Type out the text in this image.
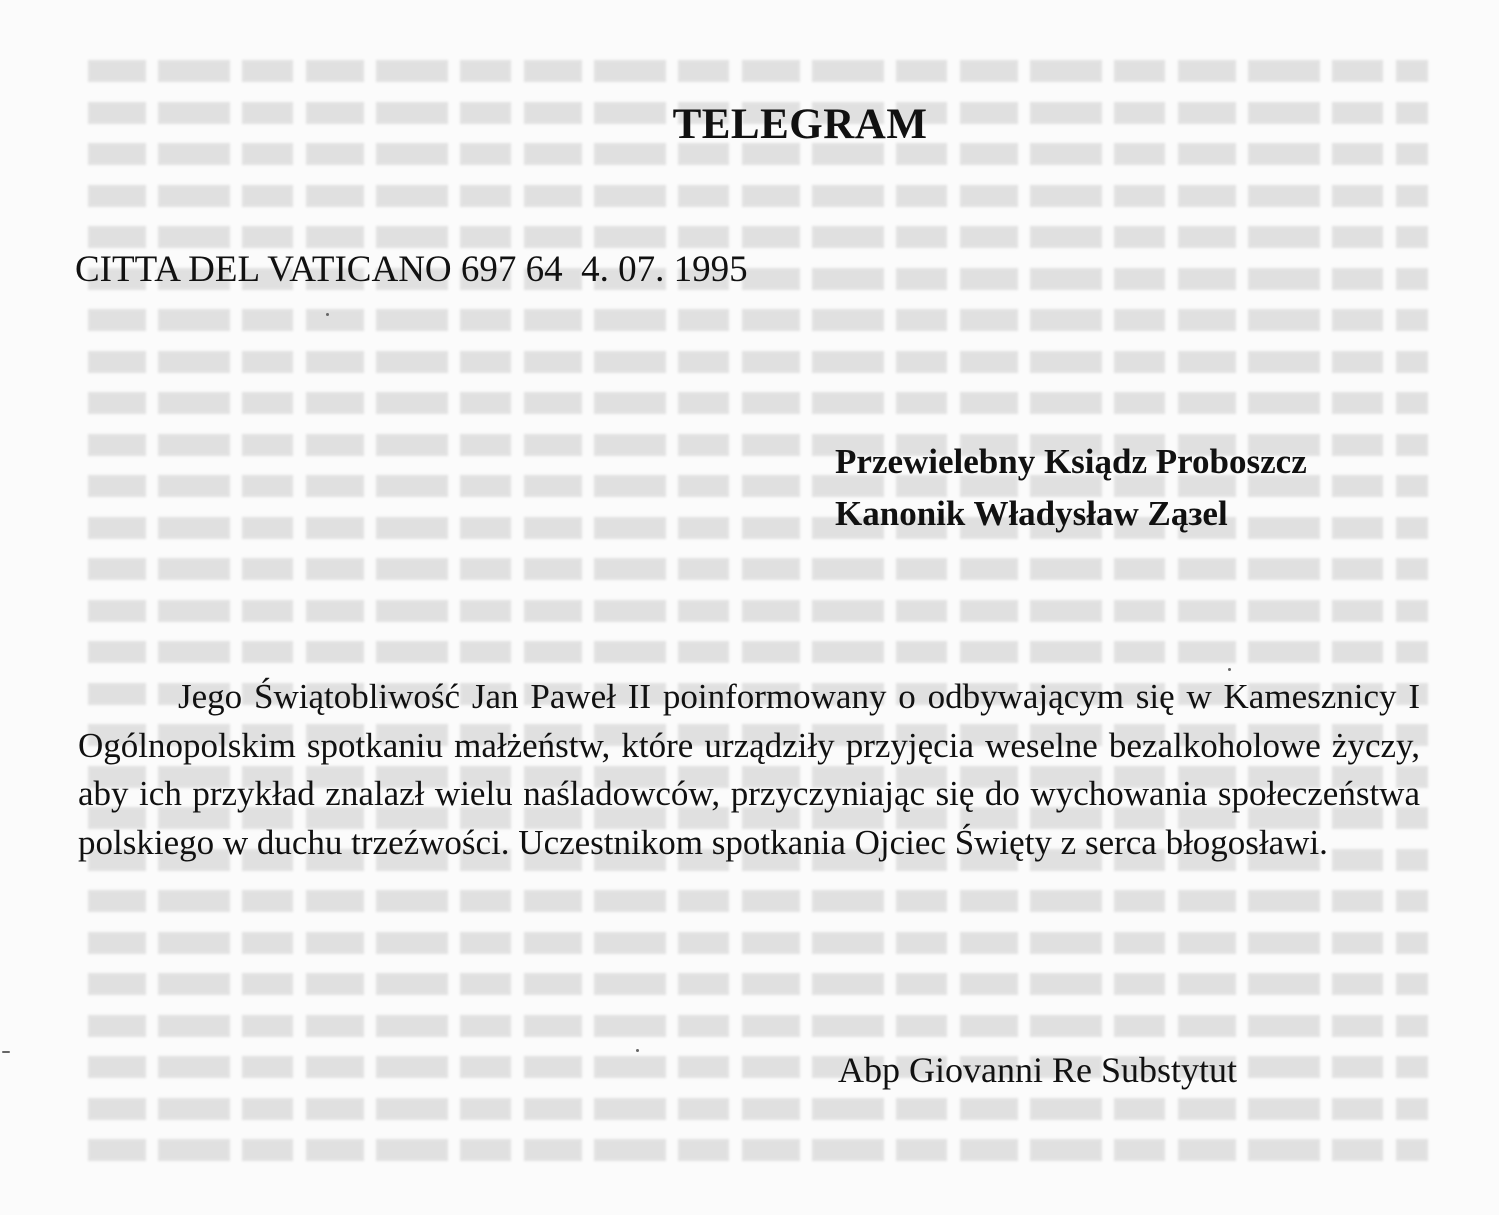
TELEGRAM

CITTA DEL VATICANO 697 64  4. 07. 1995

Przewielebny Ksiądz Proboszcz
Kanonik Władysław Ząзel

Jego Świątobliwość Jan Paweł II poinformowany o odbywającym się w Kamesznicy I Ogólnopolskim spotkaniu małżeństw, które urządziły przyjęcia weselne bezalkoholowe życzy, aby ich przykład znalazł wielu naśladowców, przyczyniając się do wychowania społeczeństwa polskiego w duchu trzeźwości. Uczestnikom spotkania Ojciec Święty z serca błogosławi.

Abp Giovanni Re Substytut
